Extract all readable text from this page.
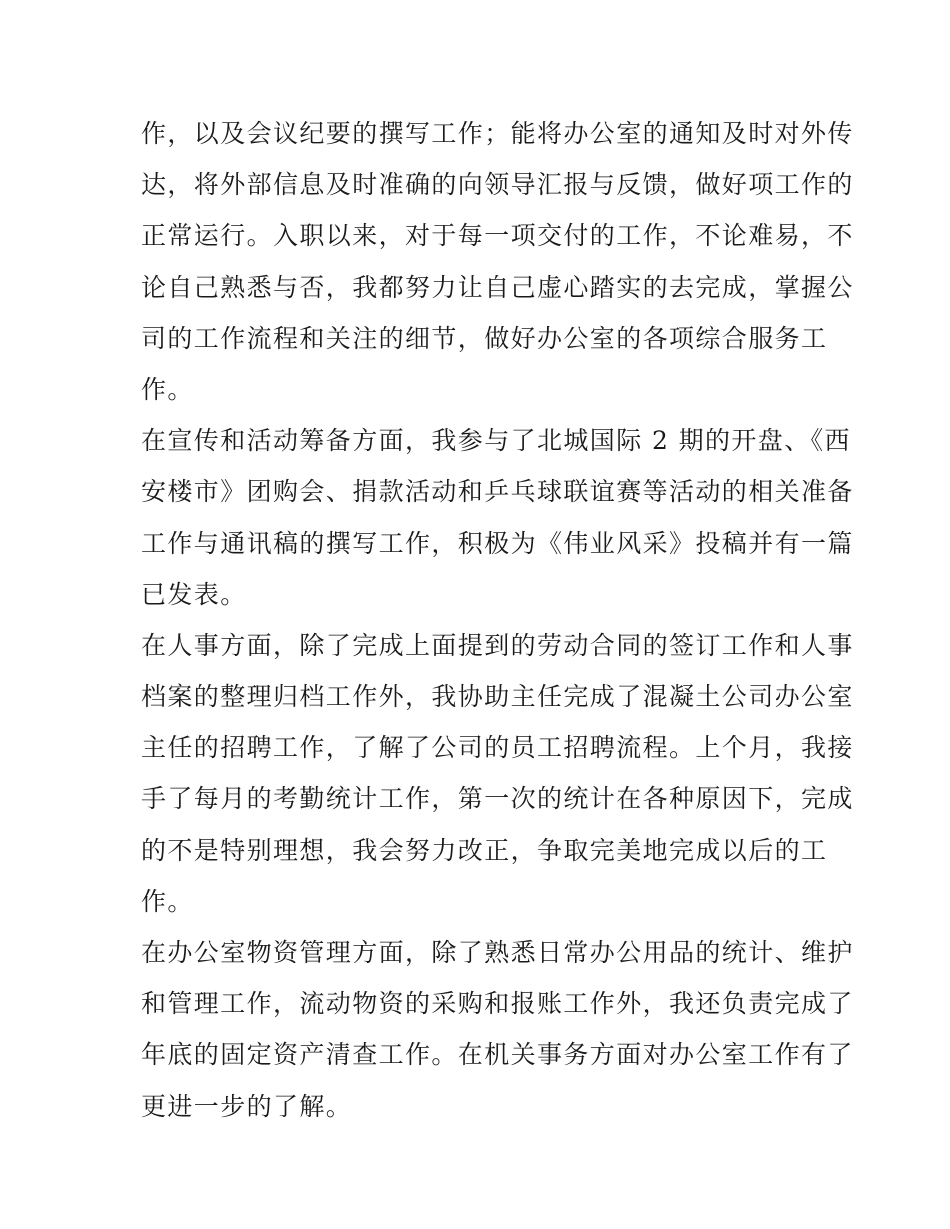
作，以及会议纪要的撰写工作；能将办公室的通知及时对外传
达，将外部信息及时准确的向领导汇报与反馈，做好项工作的
正常运行。入职以来，对于每一项交付的工作，不论难易，不
论自己熟悉与否，我都努力让自己虚心踏实的去完成，掌握公
司的工作流程和关注的细节，做好办公室的各项综合服务工
作。
在宣传和活动筹备方面，我参与了北城国际 2 期的开盘、《西
安楼市》团购会、捐款活动和乒乓球联谊赛等活动的相关准备
工作与通讯稿的撰写工作，积极为《伟业风采》投稿并有一篇
已发表。
在人事方面，除了完成上面提到的劳动合同的签订工作和人事
档案的整理归档工作外，我协助主任完成了混凝土公司办公室
主任的招聘工作，了解了公司的员工招聘流程。上个月，我接
手了每月的考勤统计工作，第一次的统计在各种原因下，完成
的不是特别理想，我会努力改正，争取完美地完成以后的工
作。
在办公室物资管理方面，除了熟悉日常办公用品的统计、维护
和管理工作，流动物资的采购和报账工作外，我还负责完成了
年底的固定资产清查工作。在机关事务方面对办公室工作有了
更进一步的了解。
